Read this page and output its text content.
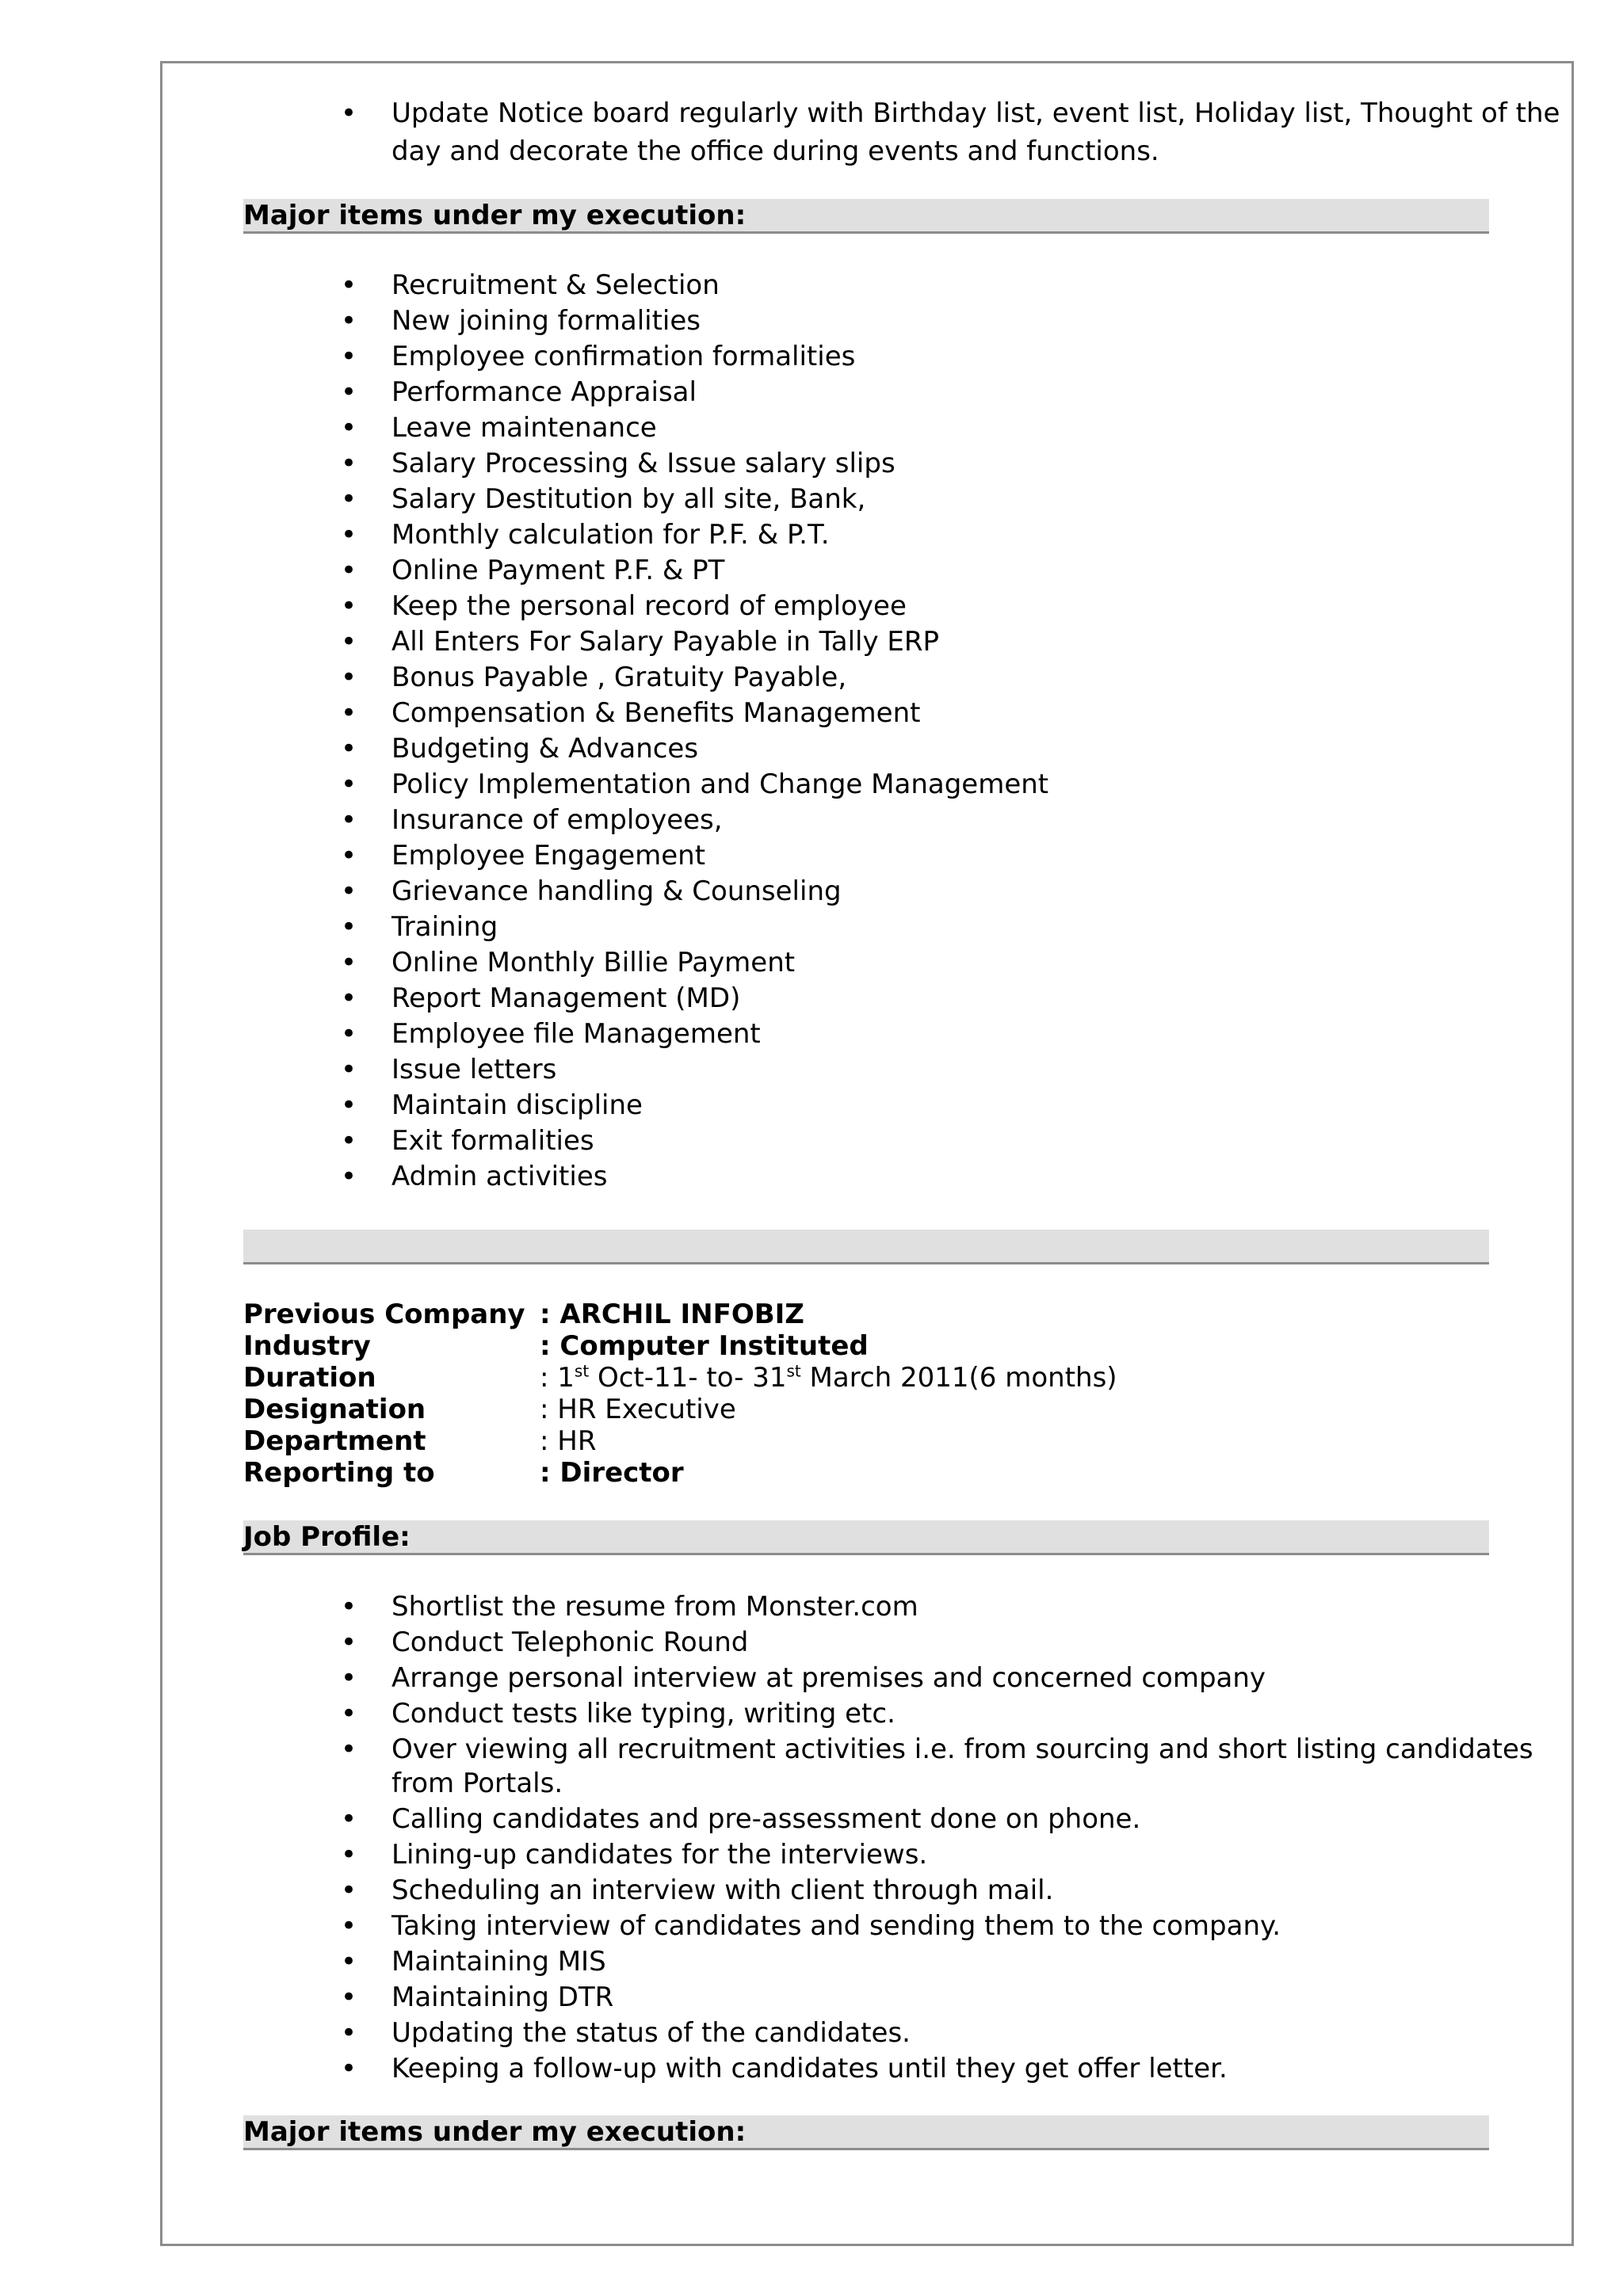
• Update Notice board regularly with Birthday list, event list, Holiday list, Thought of the
day and decorate the office during events and functions.
Major items under my execution:
• Recruitment & Selection
• New joining formalities
• Employee confirmation formalities
• Performance Appraisal
• Leave maintenance
• Salary Processing & Issue salary slips
• Salary Destitution by all site, Bank,
• Monthly calculation for P.F. & P.T.
• Online Payment P.F. & PT
• Keep the personal record of employee
• All Enters For Salary Payable in Tally ERP
• Bonus Payable , Gratuity Payable,
• Compensation & Benefits Management
• Budgeting & Advances
• Policy Implementation and Change Management
• Insurance of employees,
• Employee Engagement
• Grievance handling & Counseling
• Training
• Online Monthly Billie Payment
• Report Management (MD)
• Employee file Management
• Issue letters
• Maintain discipline
• Exit formalities
• Admin activities
Previous Company : ARCHIL INFOBIZ
Industry	: Computer Instituted
Duration	: 1st Oct-11- to- 31st March 2011(6 months)
Designation	: HR Executive
Department	: HR
Reporting to	: Director
Job Profile:
• Shortlist the resume from Monster.com
• Conduct Telephonic Round
• Arrange personal interview at premises and concerned company
• Conduct tests like typing, writing etc.
• Over viewing all recruitment activities i.e. from sourcing and short listing candidates
from Portals.
• Calling candidates and pre-assessment done on phone.
• Lining-up candidates for the interviews.
• Scheduling an interview with client through mail.
• Taking interview of candidates and sending them to the company.
• Maintaining MIS
• Maintaining DTR
• Updating the status of the candidates.
• Keeping a follow-up with candidates until they get offer letter.
Major items under my execution:
